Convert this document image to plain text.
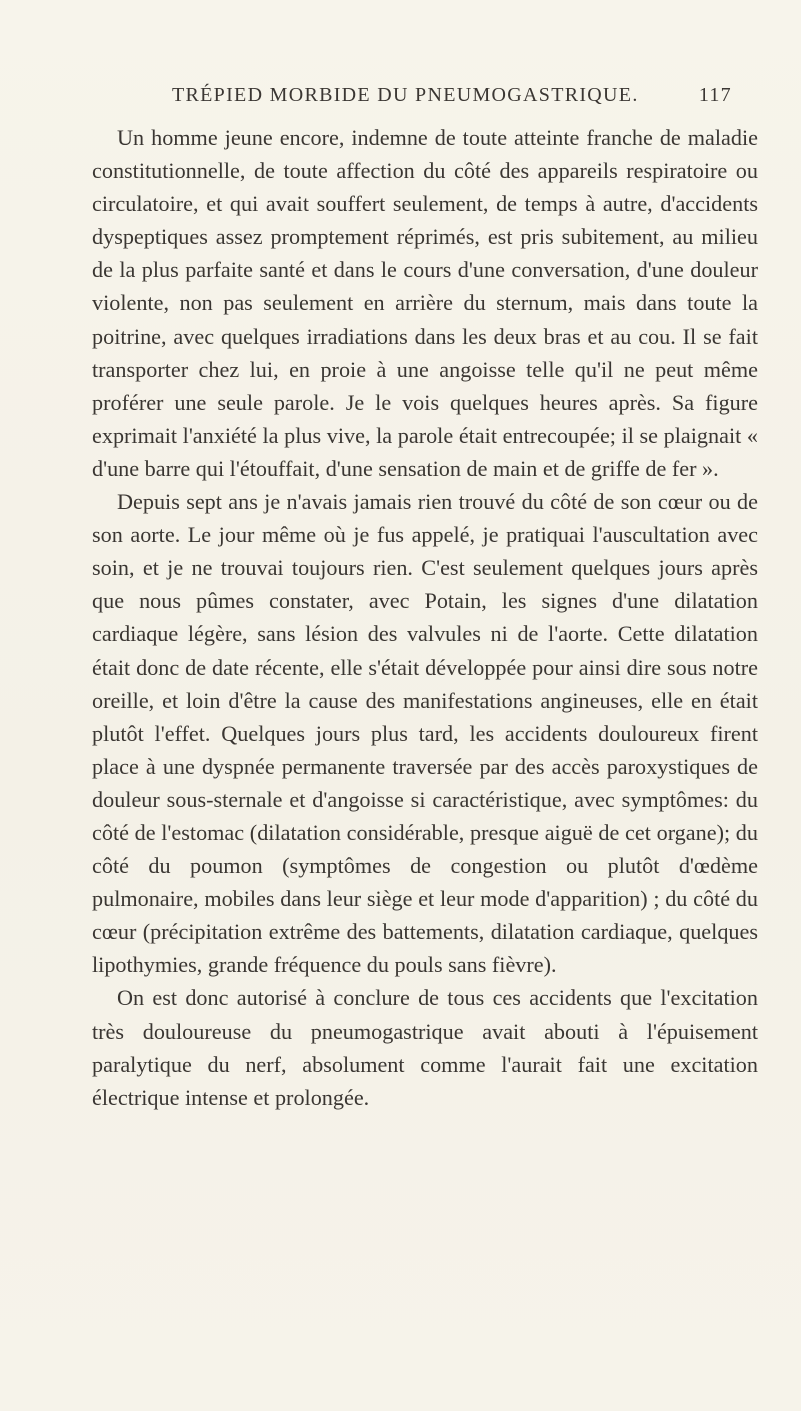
TRÉPIED MORBIDE DU PNEUMOGASTRIQUE.	117

Un homme jeune encore, indemne de toute atteinte franche de maladie constitutionnelle, de toute affection du côté des appareils respiratoire ou circulatoire, et qui avait souffert seulement, de temps à autre, d'accidents dyspeptiques assez promptement réprimés, est pris subitement, au milieu de la plus parfaite santé et dans le cours d'une conversation, d'une douleur violente, non pas seulement en arrière du sternum, mais dans toute la poitrine, avec quelques irradiations dans les deux bras et au cou. Il se fait transporter chez lui, en proie à une angoisse telle qu'il ne peut même proférer une seule parole. Je le vois quelques heures après. Sa figure exprimait l'anxiété la plus vive, la parole était entrecoupée; il se plaignait « d'une barre qui l'étouffait, d'une sensation de main et de griffe de fer ».

Depuis sept ans je n'avais jamais rien trouvé du côté de son cœur ou de son aorte. Le jour même où je fus appelé, je pratiquai l'auscultation avec soin, et je ne trouvai toujours rien. C'est seulement quelques jours après que nous pûmes constater, avec Potain, les signes d'une dilatation cardiaque légère, sans lésion des valvules ni de l'aorte. Cette dilatation était donc de date récente, elle s'était développée pour ainsi dire sous notre oreille, et loin d'être la cause des manifestations angineuses, elle en était plutôt l'effet. Quelques jours plus tard, les accidents douloureux firent place à une dyspnée permanente traversée par des accès paroxystiques de douleur sous-sternale et d'angoisse si caractéristique, avec symptômes: du côté de l'estomac (dilatation considérable, presque aiguë de cet organe); du côté du poumon (symptômes de congestion ou plutôt d'œdème pulmonaire, mobiles dans leur siège et leur mode d'apparition) ; du côté du cœur (précipitation extrême des battements, dilatation cardiaque, quelques lipothymies, grande fréquence du pouls sans fièvre).

On est donc autorisé à conclure de tous ces accidents que l'excitation très douloureuse du pneumogastrique avait abouti à l'épuisement paralytique du nerf, absolument comme l'aurait fait une excitation électrique intense et prolongée.
